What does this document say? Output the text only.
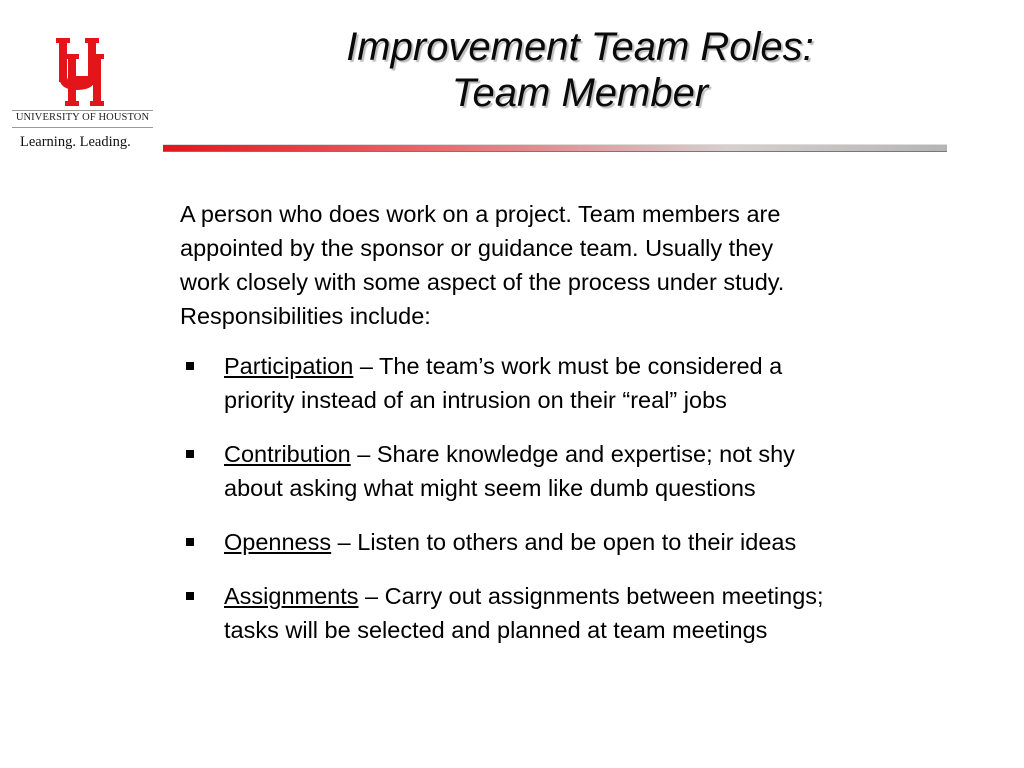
UNIVERSITY OF HOUSTON
Learning. Leading.
Improvement Team Roles:
Team Member

A person who does work on a project. Team members are
appointed by the sponsor or guidance team. Usually they
work closely with some aspect of the process under study.
Responsibilities include:

Participation – The team’s work must be considered a
priority instead of an intrusion on their “real” jobs
Contribution – Share knowledge and expertise; not shy
about asking what might seem like dumb questions
Openness – Listen to others and be open to their ideas
Assignments – Carry out assignments between meetings;
tasks will be selected and planned at team meetings
